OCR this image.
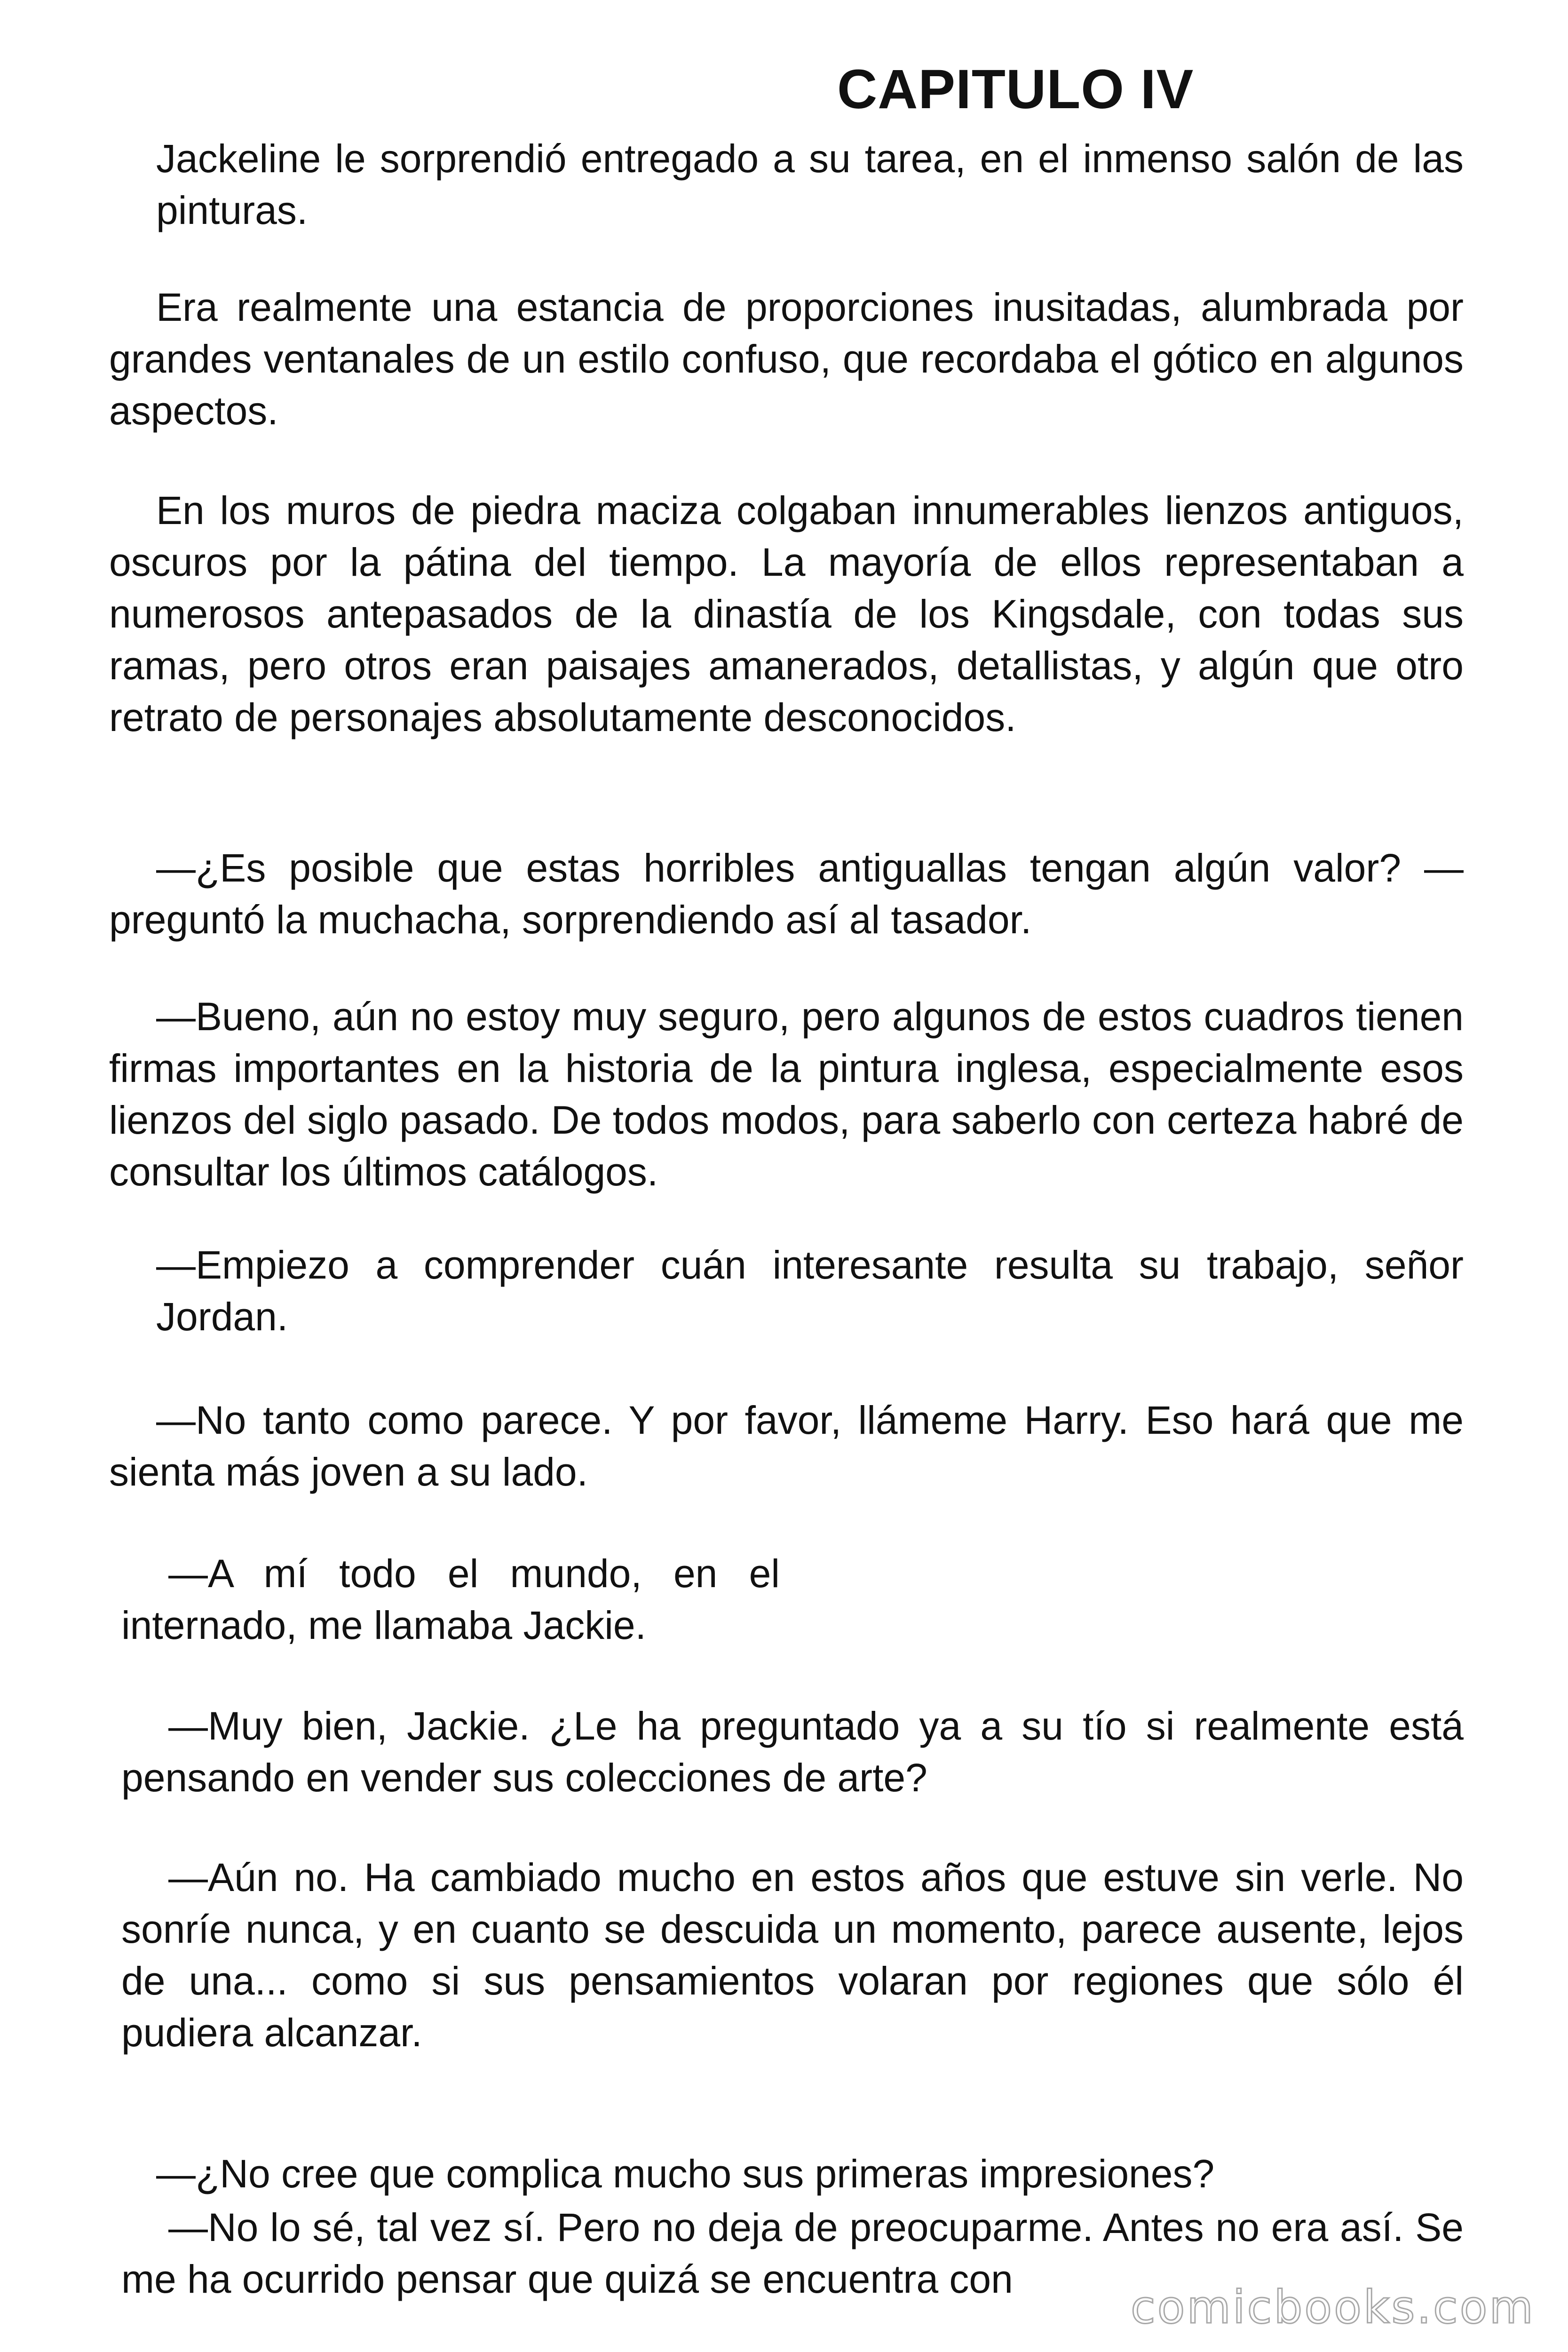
CAPITULO IV

Jackeline le sorprendió entregado a su tarea, en el inmenso salón de las pinturas.

Era realmente una estancia de proporciones inusitadas, alumbrada por grandes ventanales de un estilo confuso, que recordaba el gótico en algunos aspectos.

En los muros de piedra maciza colgaban innumerables lienzos antiguos, oscuros por la pátina del tiempo. La mayoría de ellos representaban a numerosos antepasados de la dinastía de los Kingsdale, con todas sus ramas, pero otros eran paisajes amanerados, detallistas, y algún que otro retrato de personajes absolutamente desconocidos.

—¿Es posible que estas horribles antiguallas tengan algún valor? —preguntó la muchacha, sorprendiendo así al tasador.

—Bueno, aún no estoy muy seguro, pero algunos de estos cuadros tienen firmas importantes en la historia de la pintura inglesa, especialmente esos lienzos del siglo pasado. De todos modos, para saberlo con certeza habré de consultar los últimos catálogos.

—Empiezo a comprender cuán interesante resulta su trabajo, señor Jordan.

—No tanto como parece. Y por favor, llámeme Harry. Eso hará que me sienta más joven a su lado.

—A mí todo el mundo, en el internado, me llamaba Jackie.

—Muy bien, Jackie. ¿Le ha preguntado ya a su tío si realmente está pensando en vender sus colecciones de arte?

—Aún no. Ha cambiado mucho en estos años que estuve sin verle. No sonríe nunca, y en cuanto se descuida un momento, parece ausente, lejos de una... como si sus pensamientos volaran por regiones que sólo él pudiera alcanzar.

—¿No cree que complica mucho sus primeras impresiones?

—No lo sé, tal vez sí. Pero no deja de preocuparme. Antes no era así. Se me ha ocurrido pensar que quizá se encuentra con

comicbooks.com
